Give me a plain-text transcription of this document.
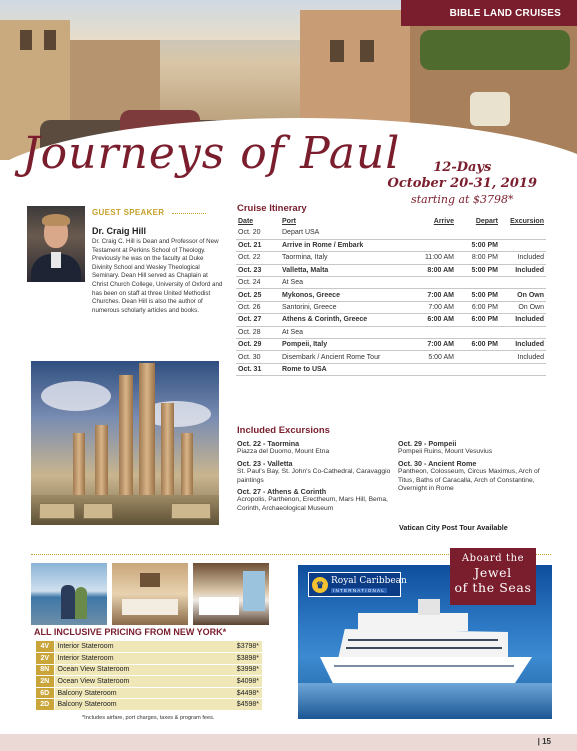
BIBLE LAND CRUISES
Journeys of Paul	12-Days
October 20-31, 2019
starting at $3798*
GUEST SPEAKER
Dr. Craig Hill
Dr. Craig C. Hill is Dean and Professor of New Testament at Perkins School of Theology. Previously he was on the faculty at Duke Divinity School and Wesley Theological Seminary. Dean Hill served as Chaplain at Christ Church College, University of Oxford and has been on staff at three United Methodist Churches. Dean Hill is also the author of numerous scholarly articles and books.
Cruise Itinerary
Date	Port	Arrive	Depart	Excursion
Oct. 20	Depart USA			
Oct. 21	Arrive in Rome / Embark		5:00 PM	
Oct. 22	Taormina, Italy	11:00 AM	8:00 PM	Included
Oct. 23	Valletta, Malta	8:00 AM	5:00 PM	Included
Oct. 24	At Sea			
Oct. 25	Mykonos, Greece	7:00 AM	5:00 PM	On Own
Oct. 26	Santorini, Greece	7:00 AM	6:00 PM	On Own
Oct. 27	Athens & Corinth, Greece	6:00 AM	6:00 PM	Included
Oct. 28	At Sea			
Oct. 29	Pompeii, Italy	7:00 AM	6:00 PM	Included
Oct. 30	Disembark / Ancient Rome Tour	5:00 AM		Included
Oct. 31	Rome to USA			
Included Excursions
Oct. 22 - Taormina
Piazza del Duomo, Mount Etna
Oct. 23 - Valletta
St. Paul's Bay, St. John's Co-Cathedral, Caravaggio paintings
Oct. 27 - Athens & Corinth
Acropolis, Parthenon, Erectheum, Mars Hill, Bema, Corinth, Archaeological Museum
Oct. 29 - Pompeii
Pompeii Ruins, Mount Vesuvius
Oct. 30 - Ancient Rome
Pantheon, Colosseum, Circus Maximus, Arch of Titus, Baths of Caracalla, Arch of Constantine, Overnight in Rome
Vatican City Post Tour Available
ALL INCLUSIVE PRICING FROM NEW YORK*
4V	Interior Stateroom	$3798*
2V	Interior Stateroom	$3898*
8N	Ocean View Stateroom	$3998*
2N	Ocean View Stateroom	$4098*
6D	Balcony Stateroom	$4498*
2D	Balcony Stateroom	$4598*
*Includes airfare, port charges, taxes & program fees.
♛ Royal Caribbean
INTERNATIONAL
Aboard the
Jewel
of the Seas
| 15
